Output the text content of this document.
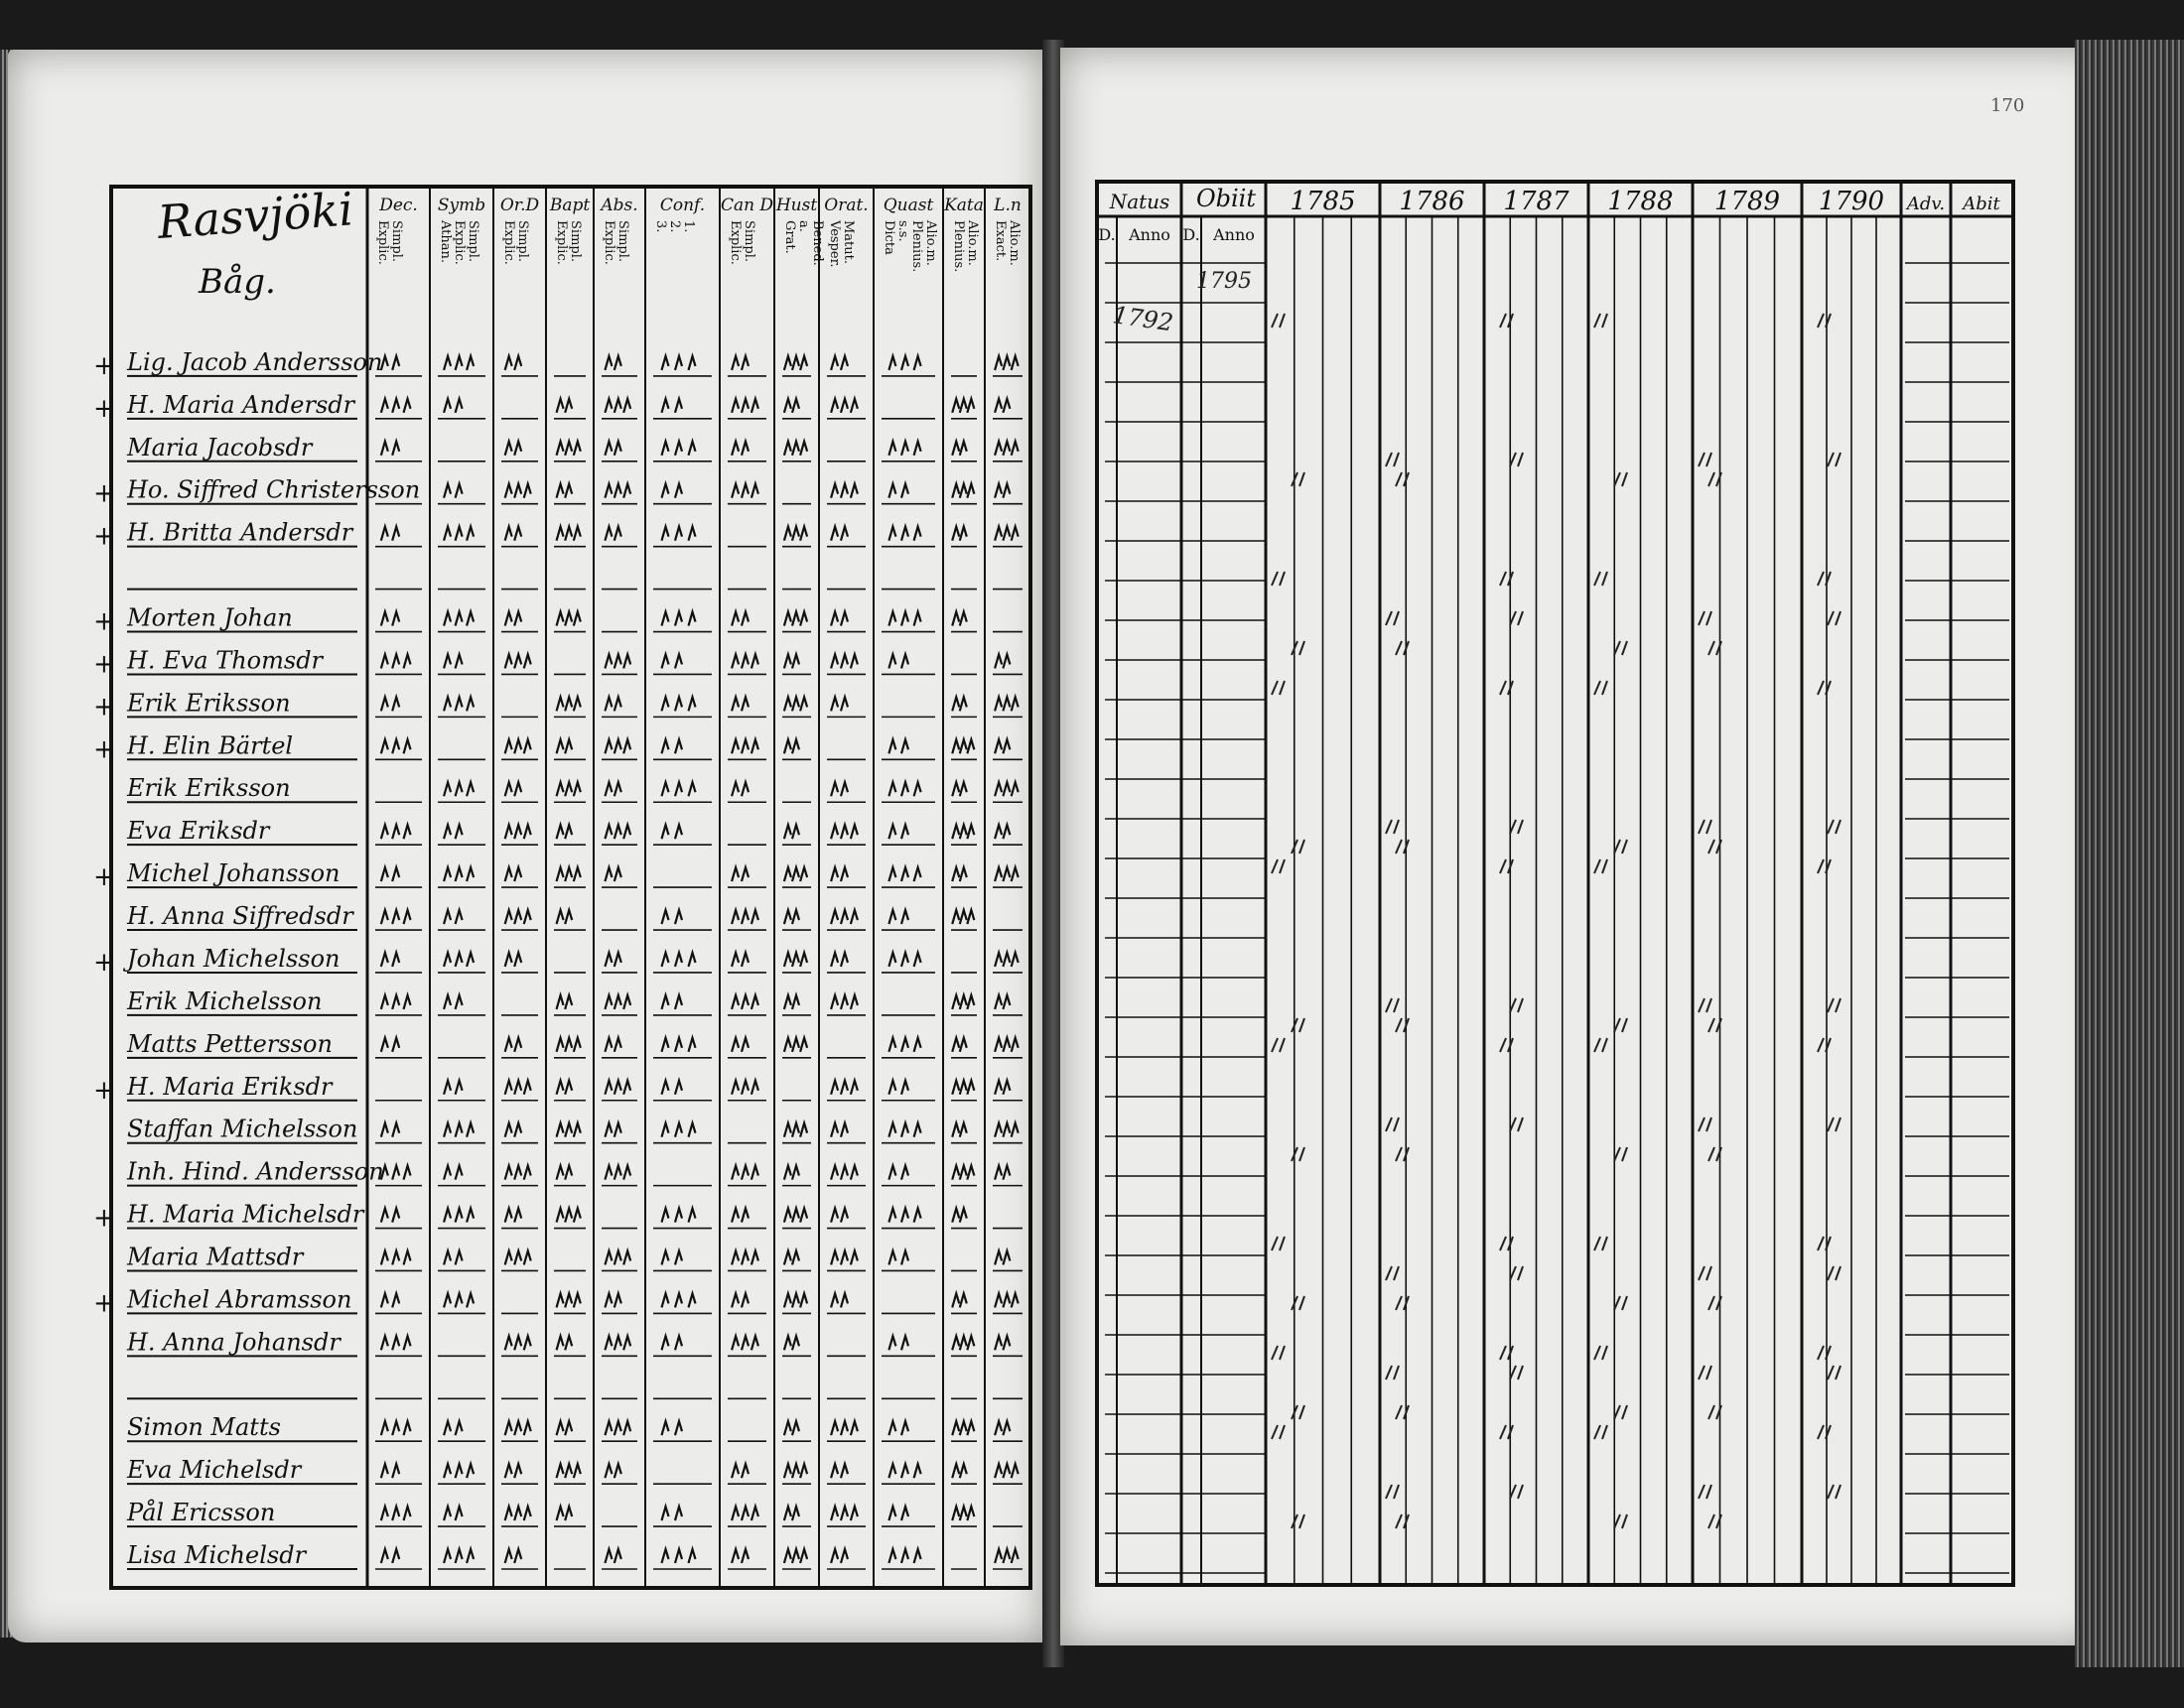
Dec.
Explic. Simpl.
Symb
Athan. Explic. Simpl.
Or.D
Explic. Simpl.
Bapt
Explic. Simpl.
Abs.
Explic. Simpl.
Conf.
3. 2. 1.
Can D
Explic. Simpl.
Hust
Grat. a. Bened.
Orat.
Vesper. Matut.
Quast
Dicta s.s. Plenius. Alio.m.
Kata
Plenius. Alio.m.
L.n
Exact. Alio.m.
+ Lig. Jacob Andersson
+ H. Maria Andersdr
Maria Jacobsdr
+ Ho. Siffred Christersson
+ H. Britta Andersdr
+ Morten Johan
+ H. Eva Thomsdr
+ Erik Eriksson
+ H. Elin Bärtel
Erik Eriksson
Eva Eriksdr
+ Michel Johansson
H. Anna Siffredsdr
+ Johan Michelsson
Erik Michelsson
Matts Pettersson
+ H. Maria Eriksdr
Staffan Michelsson
Inh. Hind. Andersson
+ H. Maria Michelsdr
Maria Mattsdr
+ Michel Abramsson
H. Anna Johansdr
Simon Matts
Eva Michelsdr
Pål Ericsson
Lisa Michelsdr
Rasvjöki
Båg.
Natus Obiit
D. Anno D. Anno
1785 1786 1787 1788 1789 1790 Adv. Abit
170
1792
1795
